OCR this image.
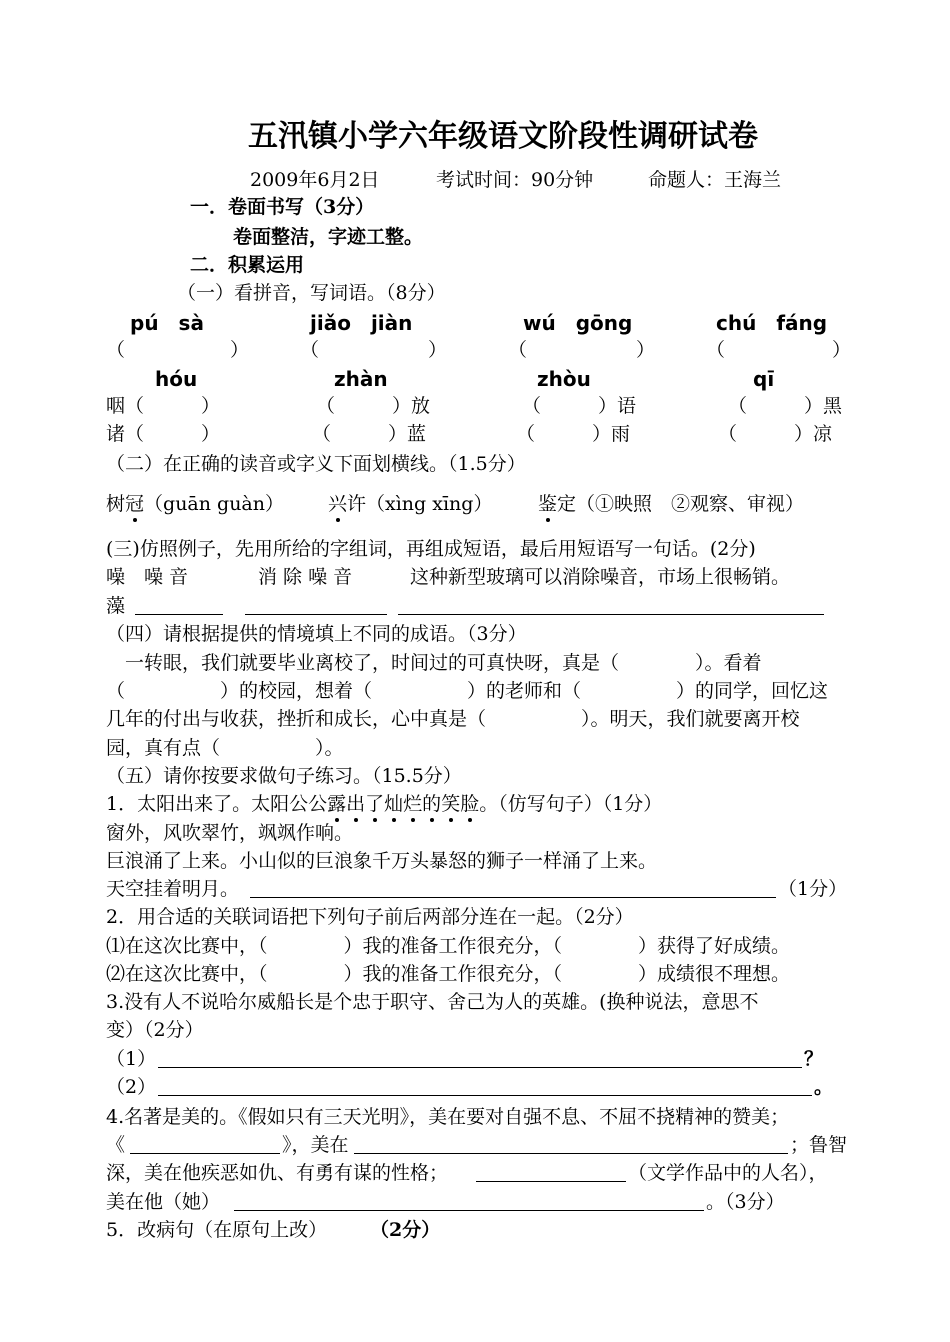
五汛镇小学六年级语文阶段性调研试卷
2009年6月2日	考试时间：90分钟	命题人：王海兰
一．卷面书写（3分）
卷面整洁，字迹工整。
二．积累运用
（一）看拼音，写词语。（8分）
pú　sà	jiǎo　jiàn	wú　gōng	chú　fáng
（	）	（	）	（	）	（	）
hóu	zhàn	zhòu	qī
咽（　　　）	（　　　）放	（　　　）语	（　　　）黑
诸（　　　）	（　　　）蓝	（　　　）雨	（　　　）凉
（二）在正确的读音或字义下面划横线。（1.5分）
树冠（guān guàn） 兴许（xìng xīng） 鉴定（①映照　②观察、审视）
(三)仿照例子，先用所给的字组词，再组成短语，最后用短语写一句话。(2分)
噪　噪 音	消 除 噪 音	这种新型玻璃可以消除噪音，市场上很畅销。
藻
（四）请根据提供的情境填上不同的成语。（3分）
　一转眼，我们就要毕业离校了，时间过的可真快呀，真是（　　　　）。看着
（　　　　　）的校园，想着（　　　　　）的老师和（　　　　　）的同学，回忆这
几年的付出与收获，挫折和成长，心中真是（　　　　　）。明天，我们就要离开校
园，真有点（　　　　　）。
（五）请你按要求做句子练习。（15.5分）
1．太阳出来了。太阳公公露出了灿烂的笑脸。（仿写句子）（1分）
窗外，风吹翠竹，飒飒作响。
巨浪涌了上来。小山似的巨浪象千万头暴怒的狮子一样涌了上来。
天空挂着明月。	（1分）
2．用合适的关联词语把下列句子前后两部分连在一起。（2分）
⑴在这次比赛中，（　　　　）我的准备工作很充分，（　　　　）获得了好成绩。
⑵在这次比赛中，（　　　　）我的准备工作很充分，（　　　　）成绩很不理想。
3.没有人不说哈尔威船长是个忠于职守、舍己为人的英雄。(换种说法，意思不
变）（2分）
（1）	？
（2）	。
4.名著是美的。《假如只有三天光明》，美在要对自强不息、不屈不挠精神的赞美；
《	》，美在	；鲁智
深，美在他疾恶如仇、有勇有谋的性格；	（文学作品中的人名），
美在他（她）	。（3分）
5．改病句（在原句上改） （2分）
